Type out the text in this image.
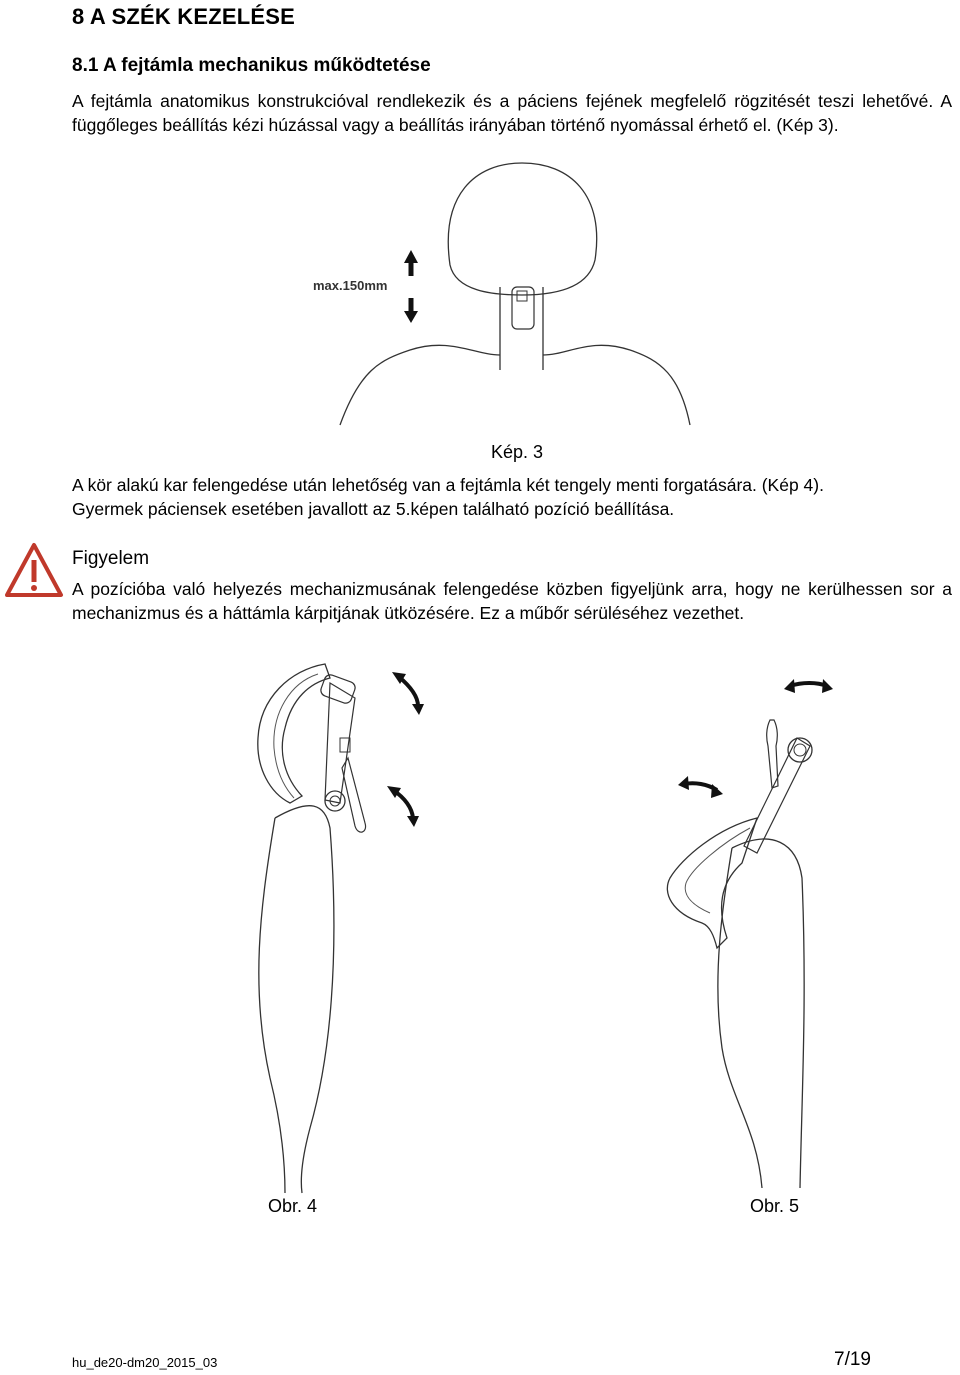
8 A SZÉK KEZELÉSE
8.1 A fejtámla mechanikus működtetése

A fejtámla anatomikus konstrukcióval rendlekezik és a páciens fejének megfelelő rögzitését teszi lehetővé. A függőleges beállítás kézi húzással vagy a beállítás irányában történő nyomással érhető el. (Kép 3).

max.150mm

Kép. 3

A kör alakú kar felengedése után lehetőség van a fejtámla két tengely menti forgatására. (Kép 4).

Gyermek páciensek esetében javallott az 5.képen található pozíció beállítása.

Figyelem

A pozícióba való helyezés mechanizmusának felengedése közben figyeljünk arra, hogy ne kerülhessen sor a mechanizmus és a háttámla kárpitjának ütközésére. Ez a műbőr sérüléséhez vezethet.

Obr. 4	Obr. 5

hu_de20-dm20_2015_03	7/19
